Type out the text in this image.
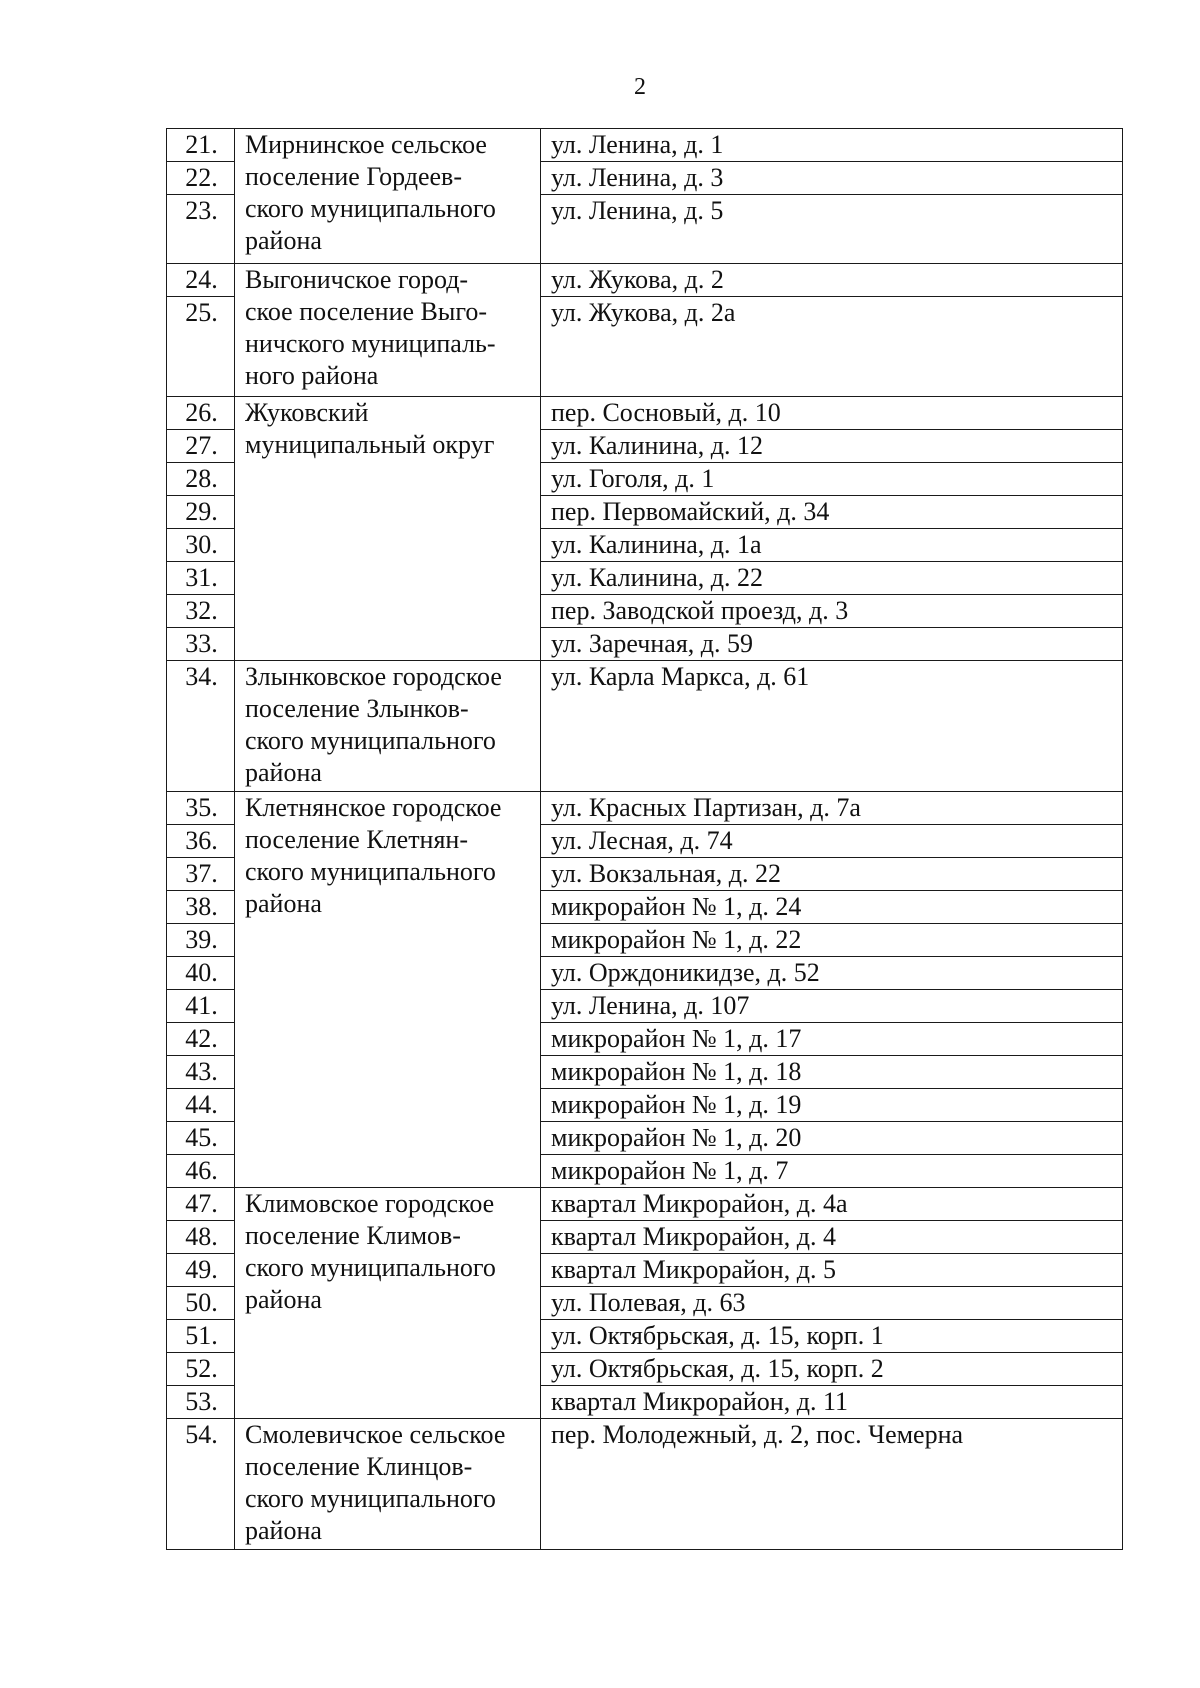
2
21.	Мирнинское сельское
поселение Гордеев-
ского муниципального
района	ул. Ленина, д. 1
22.		ул. Ленина, д. 3
23.		ул. Ленина, д. 5
24.	Выгоничское город-
ское поселение Выго-
ничского муниципаль-
ного района	ул. Жукова, д. 2
25.		ул. Жукова, д. 2а
26.	Жуковский
муниципальный округ	пер. Сосновый, д. 10
27.		ул. Калинина, д. 12
28.		ул. Гоголя, д. 1
29.		пер. Первомайский, д. 34
30.		ул. Калинина, д. 1а
31.		ул. Калинина, д. 22
32.		пер. Заводской проезд, д. 3
33.		ул. Заречная, д. 59
34.	Злынковское городское
поселение Злынков-
ского муниципального
района	ул. Карла Маркса, д. 61
35.	Клетнянское городское
поселение Клетнян-
ского муниципального
района	ул. Красных Партизан, д. 7а
36.		ул. Лесная, д. 74
37.		ул. Вокзальная, д. 22
38.		микрорайон № 1, д. 24
39.		микрорайон № 1, д. 22
40.		ул. Орждоникидзе, д. 52
41.		ул. Ленина, д. 107
42.		микрорайон № 1, д. 17
43.		микрорайон № 1, д. 18
44.		микрорайон № 1, д. 19
45.		микрорайон № 1, д. 20
46.		микрорайон № 1, д. 7
47.	Климовское городское
поселение Климов-
ского муниципального
района	квартал Микрорайон, д. 4а
48.		квартал Микрорайон, д. 4
49.		квартал Микрорайон, д. 5
50.		ул. Полевая, д. 63
51.		ул. Октябрьская, д. 15, корп. 1
52.		ул. Октябрьская, д. 15, корп. 2
53.		квартал Микрорайон, д. 11
54.	Смолевичское сельское
поселение Клинцов-
ского муниципального
района	пер. Молодежный, д. 2, пос. Чемерна
